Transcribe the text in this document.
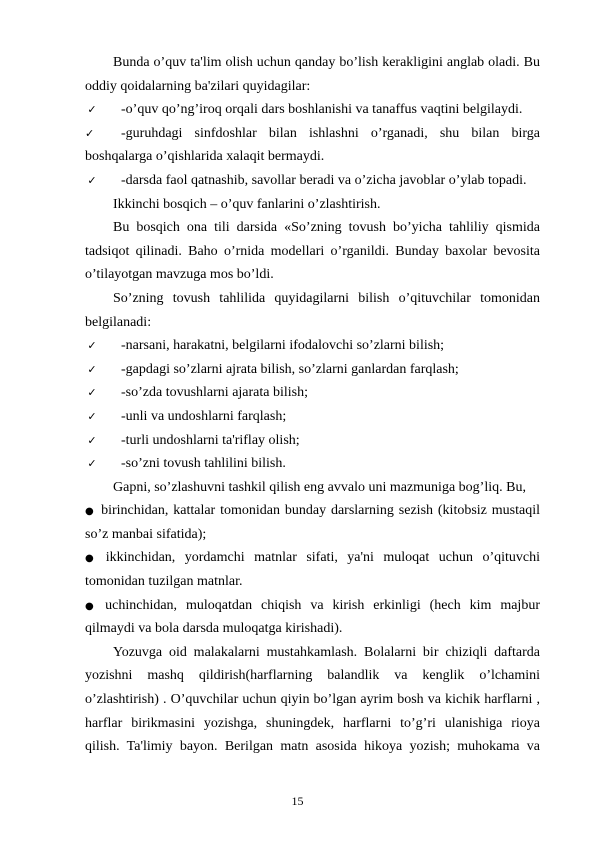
Bunda o’quv ta'lim olish uchun qanday bo’lish kerakligini anglab oladi. Bu
oddiy qoidalarning ba'zilari quyidagilar:
✓ -o’quv qo’ng’iroq orqali dars boshlanishi va tanaffus vaqtini belgilaydi.
✓	-guruhdagi sinfdoshlar bilan ishlashni o’rganadi, shu bilan birga
boshqalarga o’qishlarida xalaqit bermaydi.
✓ -darsda faol qatnashib, savollar beradi va o’zicha javoblar o’ylab topadi.
Ikkinchi bosqich – o’quv fanlarini o’zlashtirish.
Bu bosqich ona tili darsida «So’zning tovush bo’yicha tahliliy qismida
tadsiqot qilinadi. Baho o’rnida modellari o’rganildi. Bunday baxolar bevosita
o’tilayotgan mavzuga mos bo’ldi.
So’zning tovush tahlilida quyidagilarni bilish o’qituvchilar tomonidan
belgilanadi:
✓ -narsani, harakatni, belgilarni ifodalovchi so’zlarni bilish;
✓ -gapdagi so’zlarni ajrata bilish, so’zlarni ganlardan farqlash;
✓ -so’zda tovushlarni ajarata bilish;
✓ -unli va undoshlarni farqlash;
✓ -turli undoshlarni ta'riflay olish;
✓ -so’zni tovush tahlilini bilish.
Gapni, so’zlashuvni tashkil qilish eng avvalo uni mazmuniga bog’liq. Bu,
● birinchidan, kattalar tomonidan bunday darslarning sezish (kitobsiz mustaqil
so’z manbai sifatida);
● ikkinchidan, yordamchi matnlar sifati, ya'ni muloqat uchun o’qituvchi
tomonidan tuzilgan matnlar.
● uchinchidan, muloqatdan chiqish va kirish erkinligi (hech kim majbur
qilmaydi va bola darsda muloqatga kirishadi).
Yozuvga oid malakalarni mustahkamlash. Bolalarni bir chiziqli daftarda
yozishni mashq qildirish(harflarning balandlik va kenglik o’lchamini
o’zlashtirish) . O’quvchilar uchun qiyin bo’lgan ayrim bosh va kichik harflarni ,
harflar birikmasini yozishga, shuningdek, harflarni to’g’ri ulanishiga rioya
qilish. Ta'limiy bayon. Berilgan matn asosida hikoya yozish; muhokama va
15
